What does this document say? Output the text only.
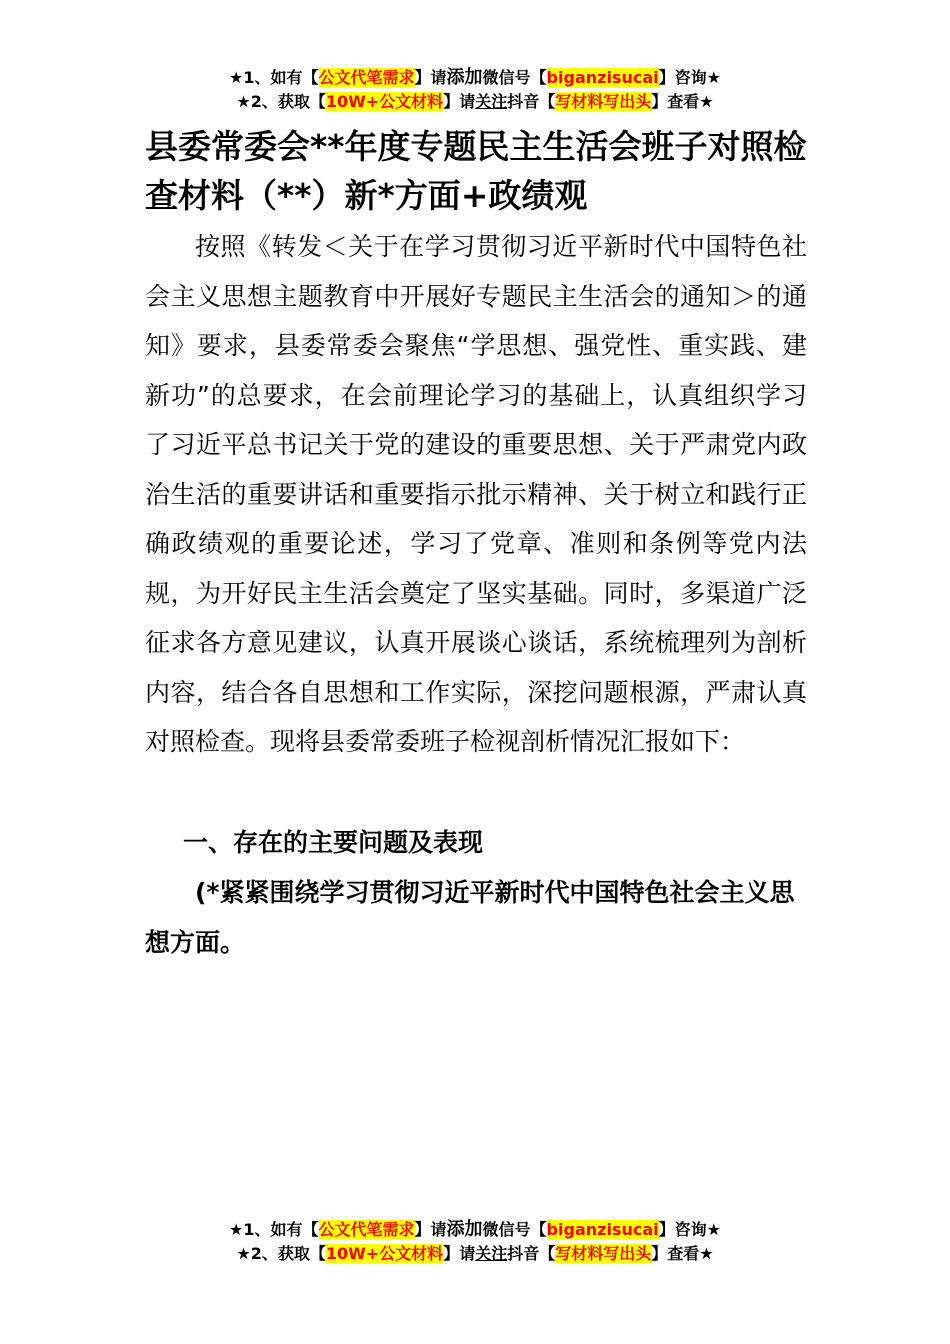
★1、如有【公文代笔需求】请添加微信号【biganzisucai】咨询★
★2、获取【10W+公文材料】请关注抖音【写材料写出头】查看★
县委常委会**年度专题民主生活会班子对照检查材料（**）新*方面+政绩观

按照《转发＜关于在学习贯彻习近平新时代中国特色社会主义思想主题教育中开展好专题民主生活会的通知＞的通知》要求，县委常委会聚焦“学思想、强党性、重实践、建新功”的总要求，在会前理论学习的基础上，认真组织学习了习近平总书记关于党的建设的重要思想、关于严肃党内政治生活的重要讲话和重要指示批示精神、关于树立和践行正确政绩观的重要论述，学习了党章、准则和条例等党内法规，为开好民主生活会奠定了坚实基础。同时，多渠道广泛征求各方意见建议，认真开展谈心谈话，系统梳理列为剖析内容，结合各自思想和工作实际，深挖问题根源，严肃认真对照检查。现将县委常委班子检视剖析情况汇报如下：

一、存在的主要问题及表现

(*紧紧围绕学习贯彻习近平新时代中国特色社会主义思想方面。

★1、如有【公文代笔需求】请添加微信号【biganzisucai】咨询★
★2、获取【10W+公文材料】请关注抖音【写材料写出头】查看★
